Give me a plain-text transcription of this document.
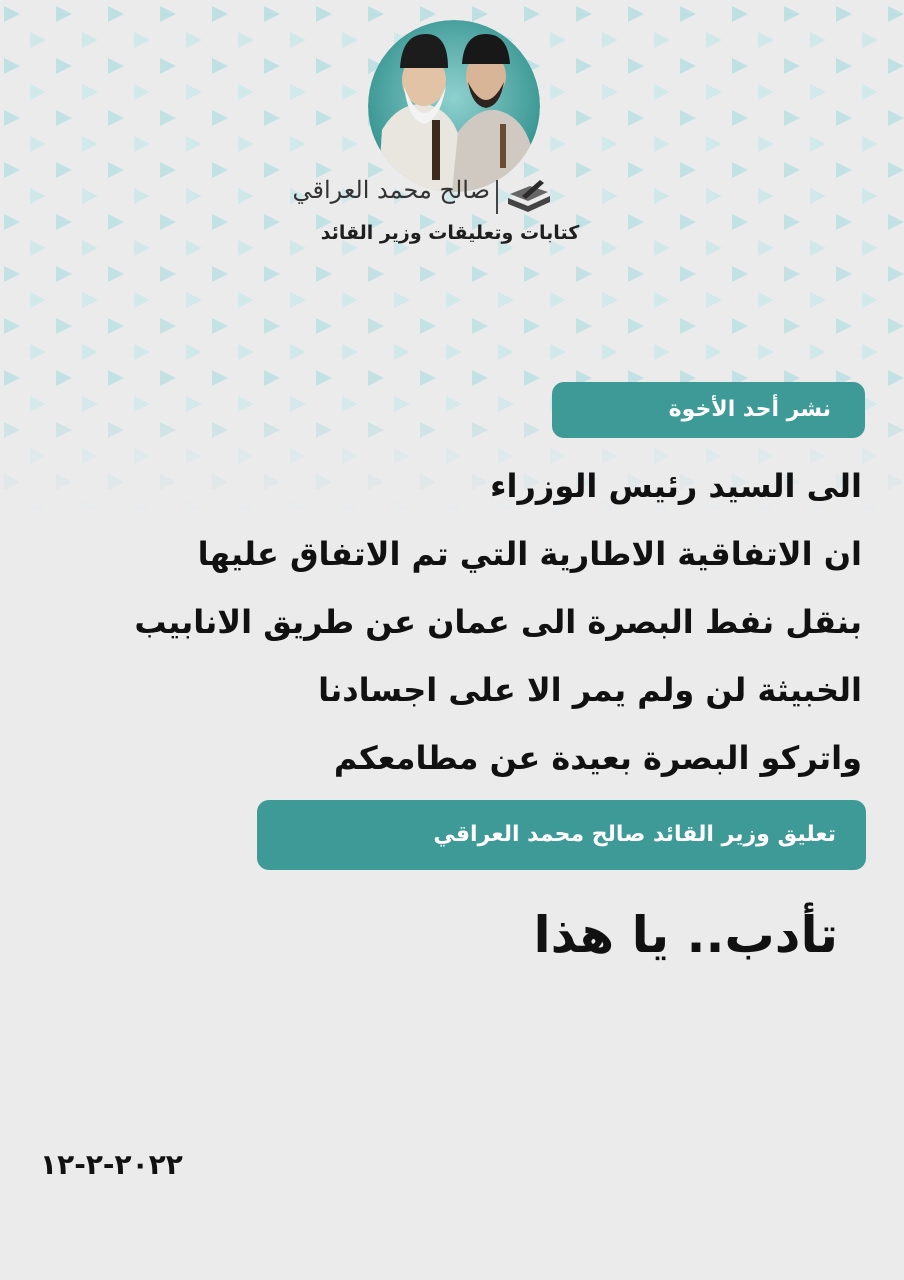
صالح محمد العراقي
كتابات وتعليقات وزير القائد
نشر أحد الأخوة
الى السيد رئيس الوزراء
ان الاتفاقية الاطارية التي تم الاتفاق عليها
بنقل نفط البصرة الى عمان عن طريق الانابيب
الخبيثة لن ولم يمر الا على اجسادنا
واتركو البصرة بعيدة عن مطامعكم
تعليق وزير القائد صالح محمد العراقي
تأدب.. يا هذا
٢٠٢٢-٢-١٢
